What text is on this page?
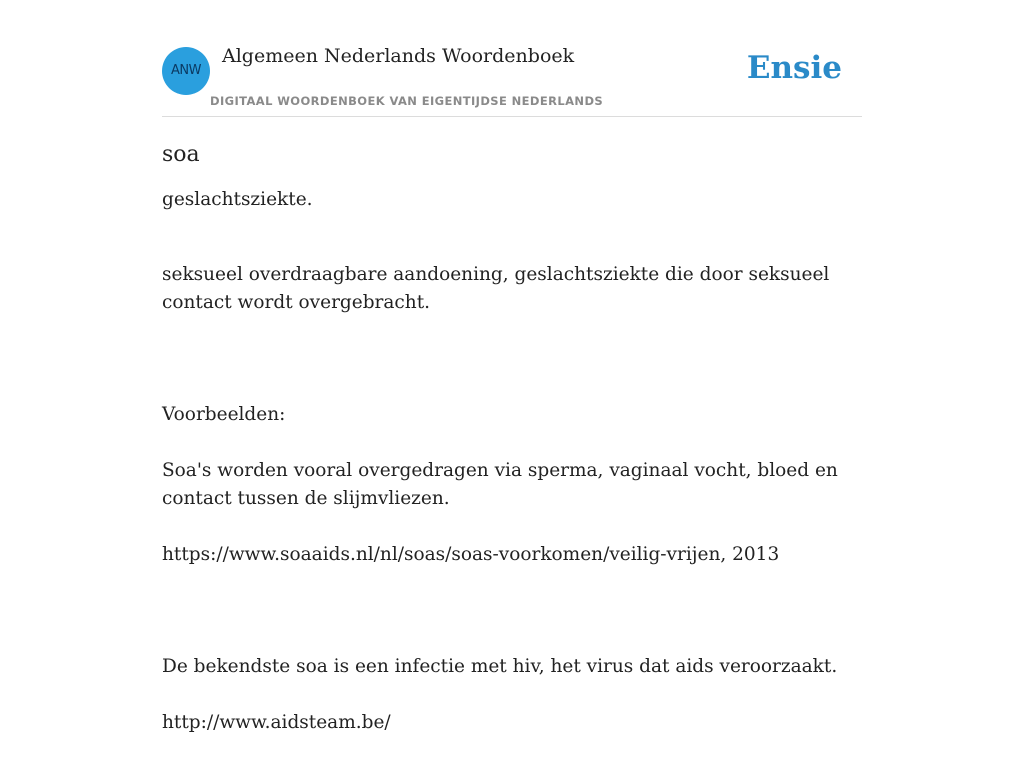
ANW
Algemeen Nederlands Woordenboek
DIGITAAL WOORDENBOEK VAN EIGENTIJDSE NEDERLANDS
Ensie
soa

geslachtsziekte.

seksueel overdraagbare aandoening, geslachtsziekte die door seksueel contact wordt overgebracht.

Voorbeelden:

Soa's worden vooral overgedragen via sperma, vaginaal vocht, bloed en contact tussen de slijmvliezen.

https://www.soaaids.nl/nl/soas/soas-voorkomen/veilig-vrijen, 2013

De bekendste soa is een infectie met hiv, het virus dat aids veroorzaakt.

http://www.aidsteam.be/
